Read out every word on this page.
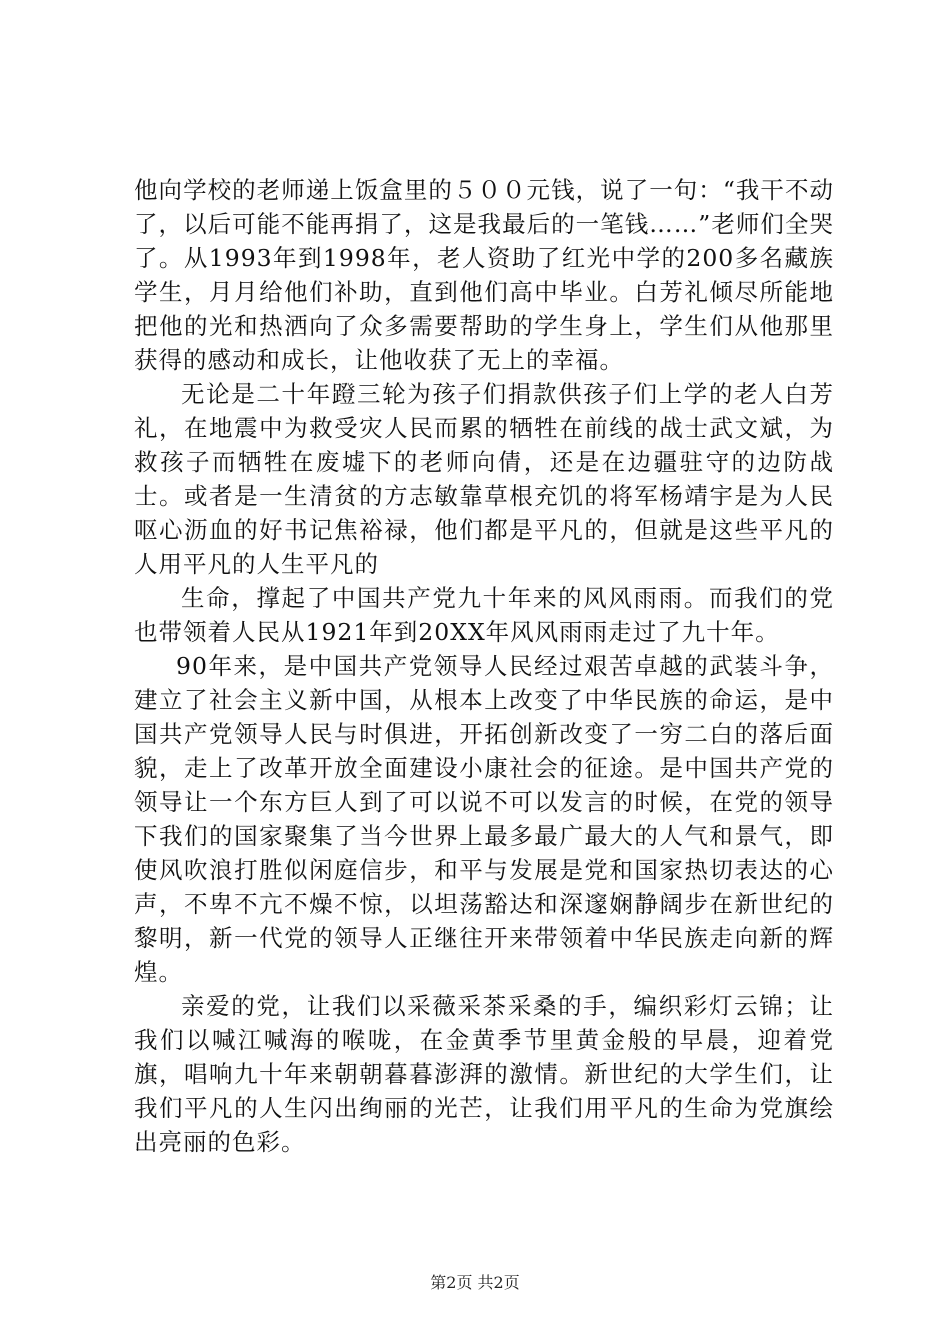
他向学校的老师递上饭盒里的５００元钱，说了一句：“我干不动了，以后可能不能再捐了，这是我最后的一笔钱……”老师们全哭了。从1993年到1998年，老人资助了红光中学的200多名藏族学生，月月给他们补助，直到他们高中毕业。白芳礼倾尽所能地把他的光和热洒向了众多需要帮助的学生身上，学生们从他那里获得的感动和成长，让他收获了无上的幸福。

无论是二十年蹬三轮为孩子们捐款供孩子们上学的老人白芳礼，在地震中为救受灾人民而累的牺牲在前线的战士武文斌，为救孩子而牺牲在废墟下的老师向倩，还是在边疆驻守的边防战士。或者是一生清贫的方志敏靠草根充饥的将军杨靖宇是为人民呕心沥血的好书记焦裕禄，他们都是平凡的，但就是这些平凡的人用平凡的人生平凡的

生命，撑起了中国共产党九十年来的风风雨雨。而我们的党也带领着人民从1921年到20XX年风风雨雨走过了九十年。

90年来，是中国共产党领导人民经过艰苦卓越的武装斗争，建立了社会主义新中国，从根本上改变了中华民族的命运，是中国共产党领导人民与时俱进，开拓创新改变了一穷二白的落后面貌，走上了改革开放全面建设小康社会的征途。是中国共产党的领导让一个东方巨人到了可以说不可以发言的时候，在党的领导下我们的国家聚集了当今世界上最多最广最大的人气和景气，即使风吹浪打胜似闲庭信步，和平与发展是党和国家热切表达的心声，不卑不亢不燥不惊，以坦荡豁达和深邃娴静阔步在新世纪的黎明，新一代党的领导人正继往开来带领着中华民族走向新的辉煌。

亲爱的党，让我们以采薇采茶采桑的手，编织彩灯云锦；让我们以喊江喊海的喉咙，在金黄季节里黄金般的早晨，迎着党旗，唱响九十年来朝朝暮暮澎湃的激情。新世纪的大学生们，让我们平凡的人生闪出绚丽的光芒，让我们用平凡的生命为党旗绘出亮丽的色彩。

第2页 共2页
